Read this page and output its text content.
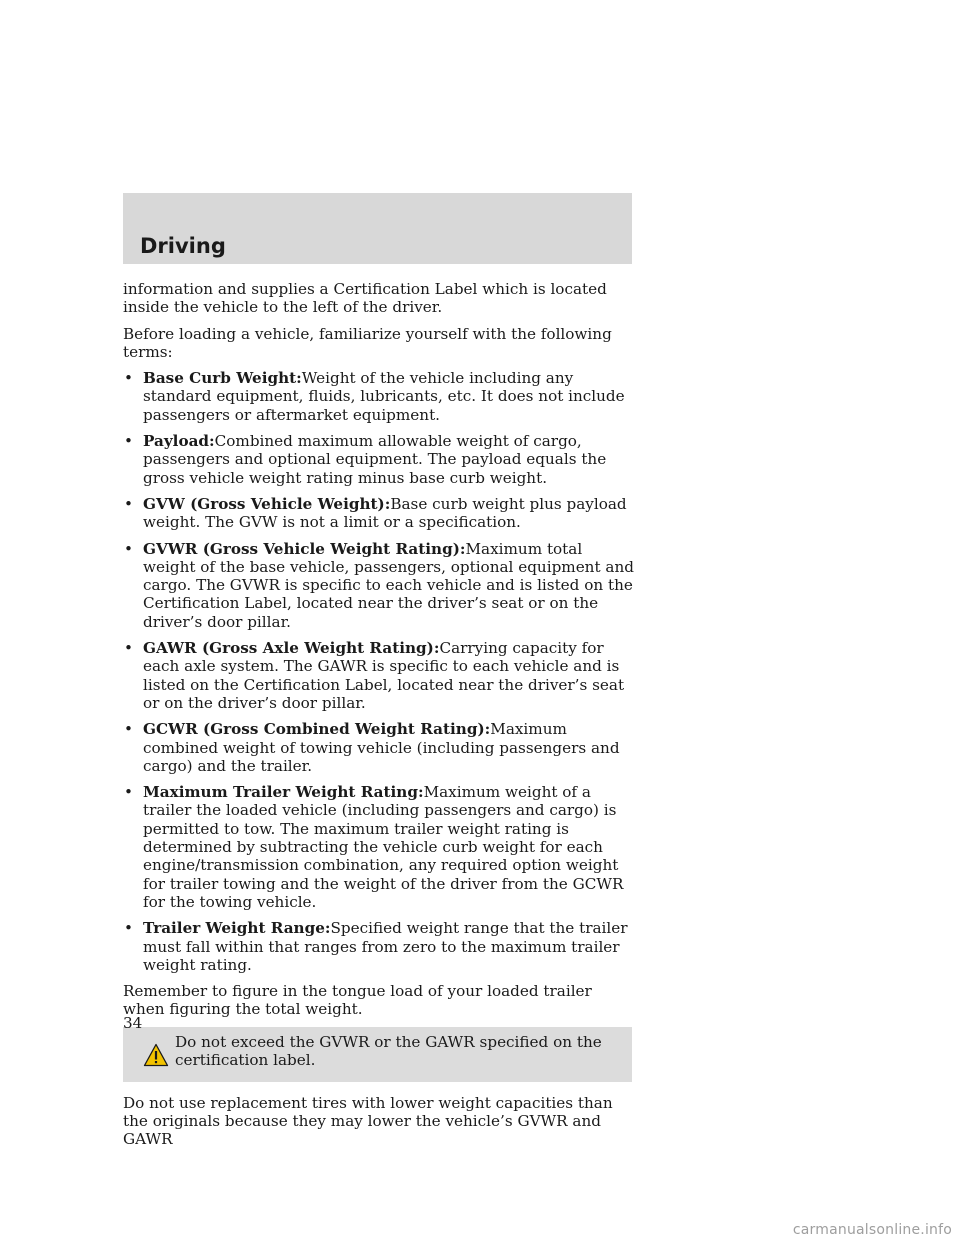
Driving

information and supplies a Certification Label which is located inside the vehicle to the left of the driver.

Before loading a vehicle, familiarize yourself with the following terms:

• Base Curb Weight:Weight of the vehicle including any standard equipment, fluids, lubricants, etc. It does not include passengers or aftermarket equipment.
• Payload:Combined maximum allowable weight of cargo, passengers and optional equipment. The payload equals the gross vehicle weight rating minus base curb weight.
• GVW (Gross Vehicle Weight):Base curb weight plus payload weight. The GVW is not a limit or a specification.
• GVWR (Gross Vehicle Weight Rating):Maximum total weight of the base vehicle, passengers, optional equipment and cargo. The GVWR is specific to each vehicle and is listed on the Certification Label, located near the driver’s seat or on the driver’s door pillar.
• GAWR (Gross Axle Weight Rating):Carrying capacity for each axle system. The GAWR is specific to each vehicle and is listed on the Certification Label, located near the driver’s seat or on the driver’s door pillar.
• GCWR (Gross Combined Weight Rating):Maximum combined weight of towing vehicle (including passengers and cargo) and the trailer.
• Maximum Trailer Weight Rating:Maximum weight of a trailer the loaded vehicle (including passengers and cargo) is permitted to tow. The maximum trailer weight rating is determined by subtracting the vehicle curb weight for each engine/transmission combination, any required option weight for trailer towing and the weight of the driver from the GCWR for the towing vehicle.
• Trailer Weight Range:Specified weight range that the trailer must fall within that ranges from zero to the maximum trailer weight rating.

Remember to figure in the tongue load of your loaded trailer when figuring the total weight.

Do not exceed the GVWR or the GAWR specified on the certification label.

Do not use replacement tires with lower weight capacities than the originals because they may lower the vehicle’s GVWR and GAWR

34
carmanualsonline.info
